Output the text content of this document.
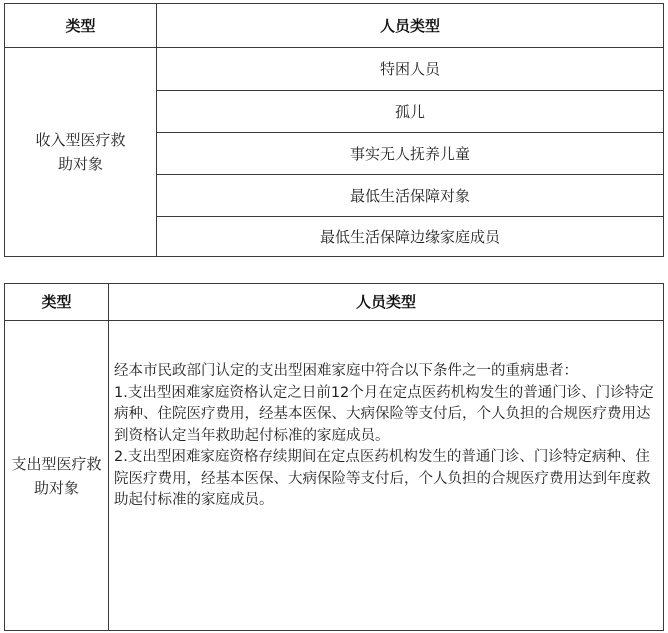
类型	人员类型

收入型医疗救助对象	特困人员
	孤儿
	事实无人抚养儿童
	最低生活保障对象
	最低生活保障边缘家庭成员
类型	人员类型

支出型医疗救助对象	经本市民政部门认定的支出型困难家庭中符合以下条件之一的重病患者：

1.支出型困难家庭资格认定之日前12个月在定点医药机构发生的普通门诊、门诊特定病种、住院医疗费用，经基本医保、大病保险等支付后，个人负担的合规医疗费用达到资格认定当年救助起付标准的家庭成员。

2.支出型困难家庭资格存续期间在定点医药机构发生的普通门诊、门诊特定病种、住院医疗费用，经基本医保、大病保险等支付后，个人负担的合规医疗费用达到年度救助起付标准的家庭成员。
